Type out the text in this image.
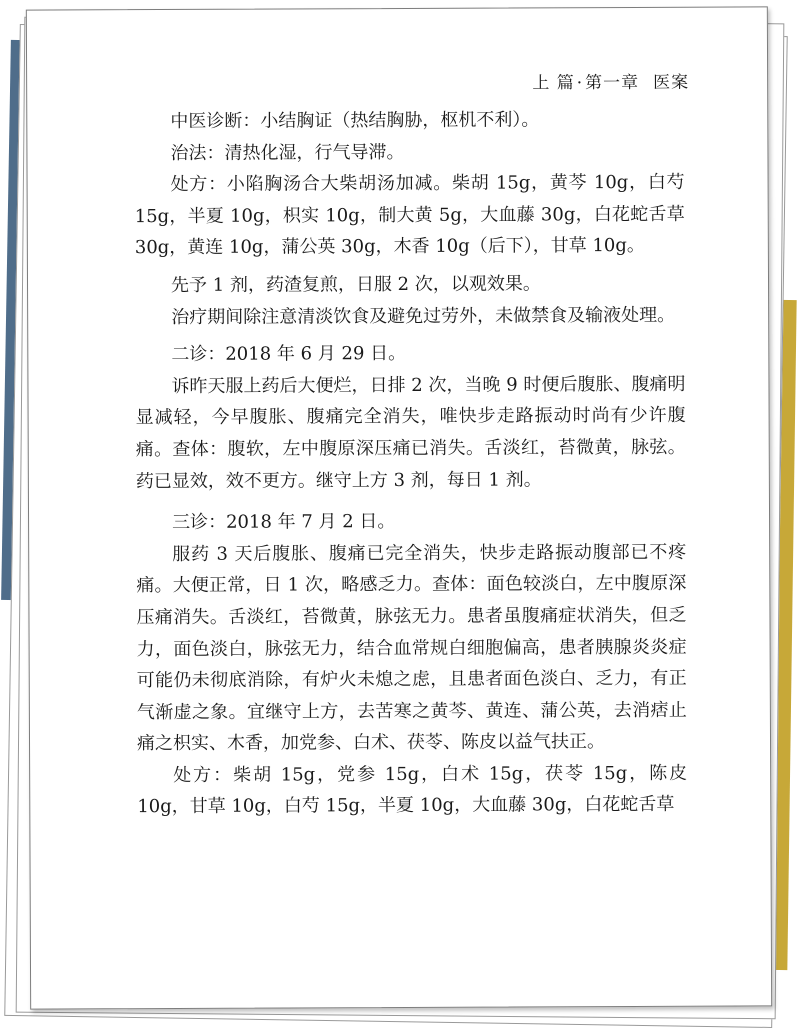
上 篇 · 第一章 医案

中医诊断：小结胸证（热结胸胁，枢机不利）。

治法：清热化湿，行气导滞。

处方：小陷胸汤合大柴胡汤加减。柴胡 15g，黄芩 10g，白芍 15g，半夏 10g，枳实 10g，制大黄 5g，大血藤 30g，白花蛇舌草 30g，黄连 10g，蒲公英 30g，木香 10g（后下），甘草 10g。

先予 1 剂，药渣复煎，日服 2 次，以观效果。

治疗期间除注意清淡饮食及避免过劳外，未做禁食及输液处理。

二诊：2018 年 6 月 29 日。

诉昨天服上药后大便烂，日排 2 次，当晚 9 时便后腹胀、腹痛明显减轻，今早腹胀、腹痛完全消失，唯快步走路振动时尚有少许腹痛。查体：腹软，左中腹原深压痛已消失。舌淡红，苔微黄，脉弦。药已显效，效不更方。继守上方 3 剂，每日 1 剂。

三诊：2018 年 7 月 2 日。

服药 3 天后腹胀、腹痛已完全消失，快步走路振动腹部已不疼痛。大便正常，日 1 次，略感乏力。查体：面色较淡白，左中腹原深压痛消失。舌淡红，苔微黄，脉弦无力。患者虽腹痛症状消失，但乏力，面色淡白，脉弦无力，结合血常规白细胞偏高，患者胰腺炎炎症可能仍未彻底消除，有炉火未熄之虑，且患者面色淡白、乏力，有正气渐虚之象。宜继守上方，去苦寒之黄芩、黄连、蒲公英，去消痞止痛之枳实、木香，加党参、白术、茯苓、陈皮以益气扶正。

处方：柴胡 15g，党参 15g，白术 15g，茯苓 15g，陈皮 10g，甘草 10g，白芍 15g，半夏 10g，大血藤 30g，白花蛇舌草
